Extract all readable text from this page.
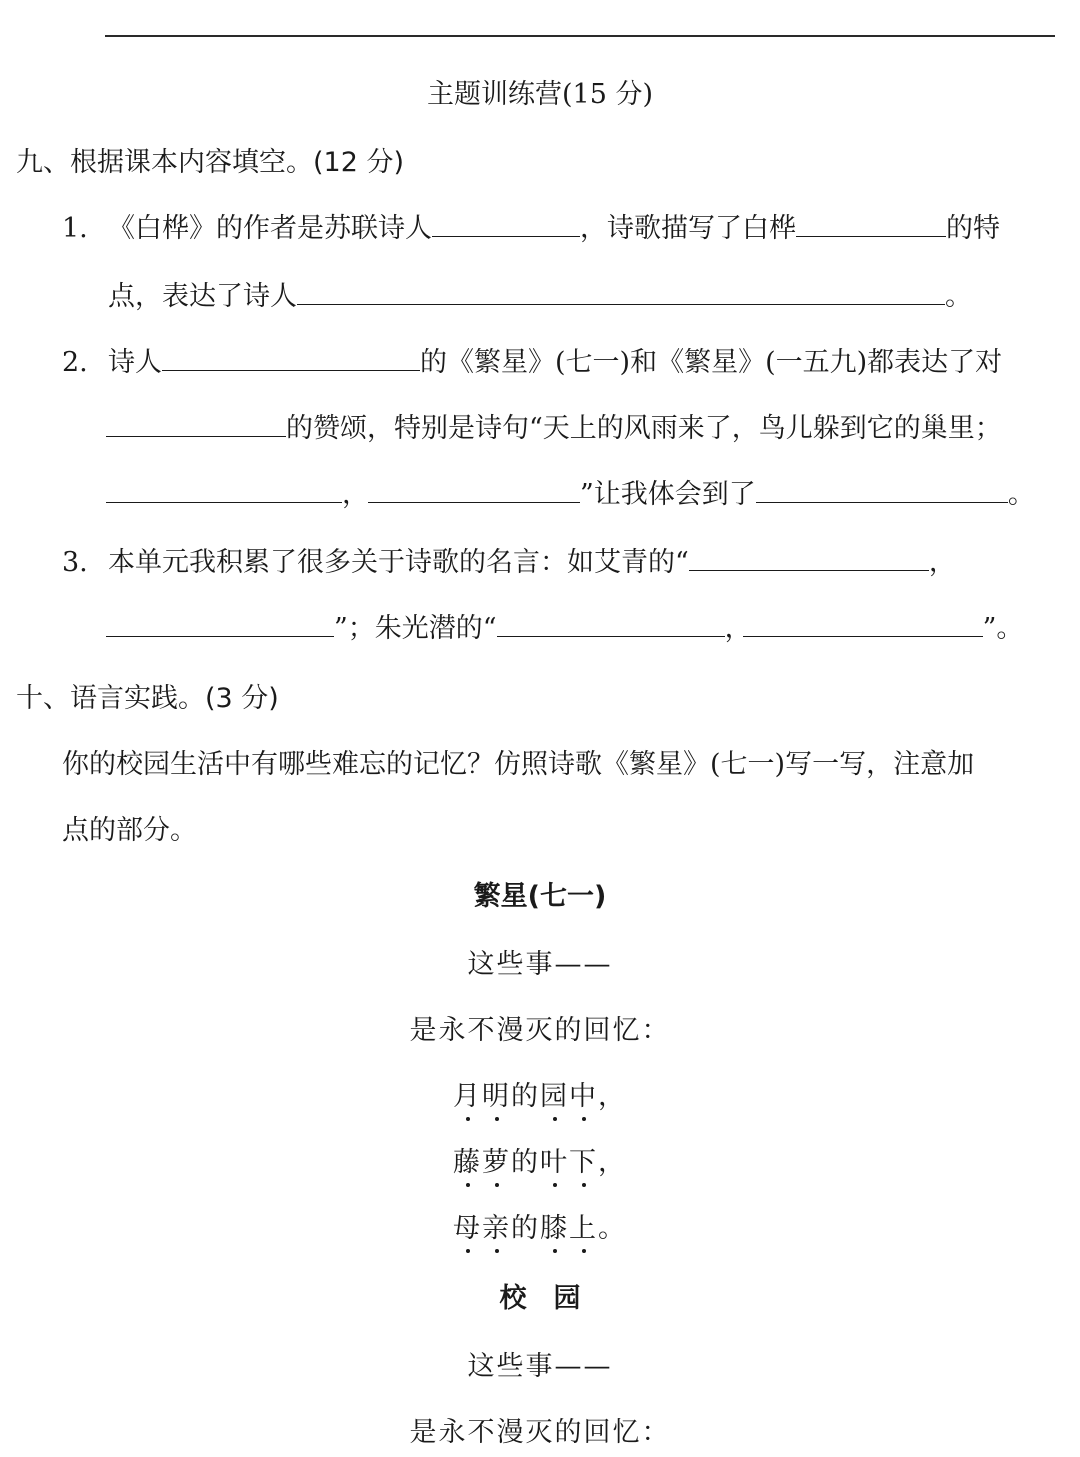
主题训练营(15 分)
九、根据课本内容填空。(12 分)
1. 《白桦》的作者是苏联诗人	，诗歌描写了白桦	的特
点，表达了诗人	。
2. 诗人	的《繁星》(七一)和《繁星》(一五九)都表达了对
的赞颂，特别是诗句“天上的风雨来了，鸟儿躲到它的巢里；
，	”让我体会到了	。
3. 本单元我积累了很多关于诗歌的名言：如艾青的“	，
”；朱光潜的“	，	”。
十、语言实践。(3 分)
你的校园生活中有哪些难忘的记忆？仿照诗歌《繁星》(七一)写一写，注意加
点的部分。
繁星(七一)
这些事——
是永不漫灭的回忆：
月明的园中，
藤萝的叶下，
母亲的膝上。
校　园
这些事——
是永不漫灭的回忆：
